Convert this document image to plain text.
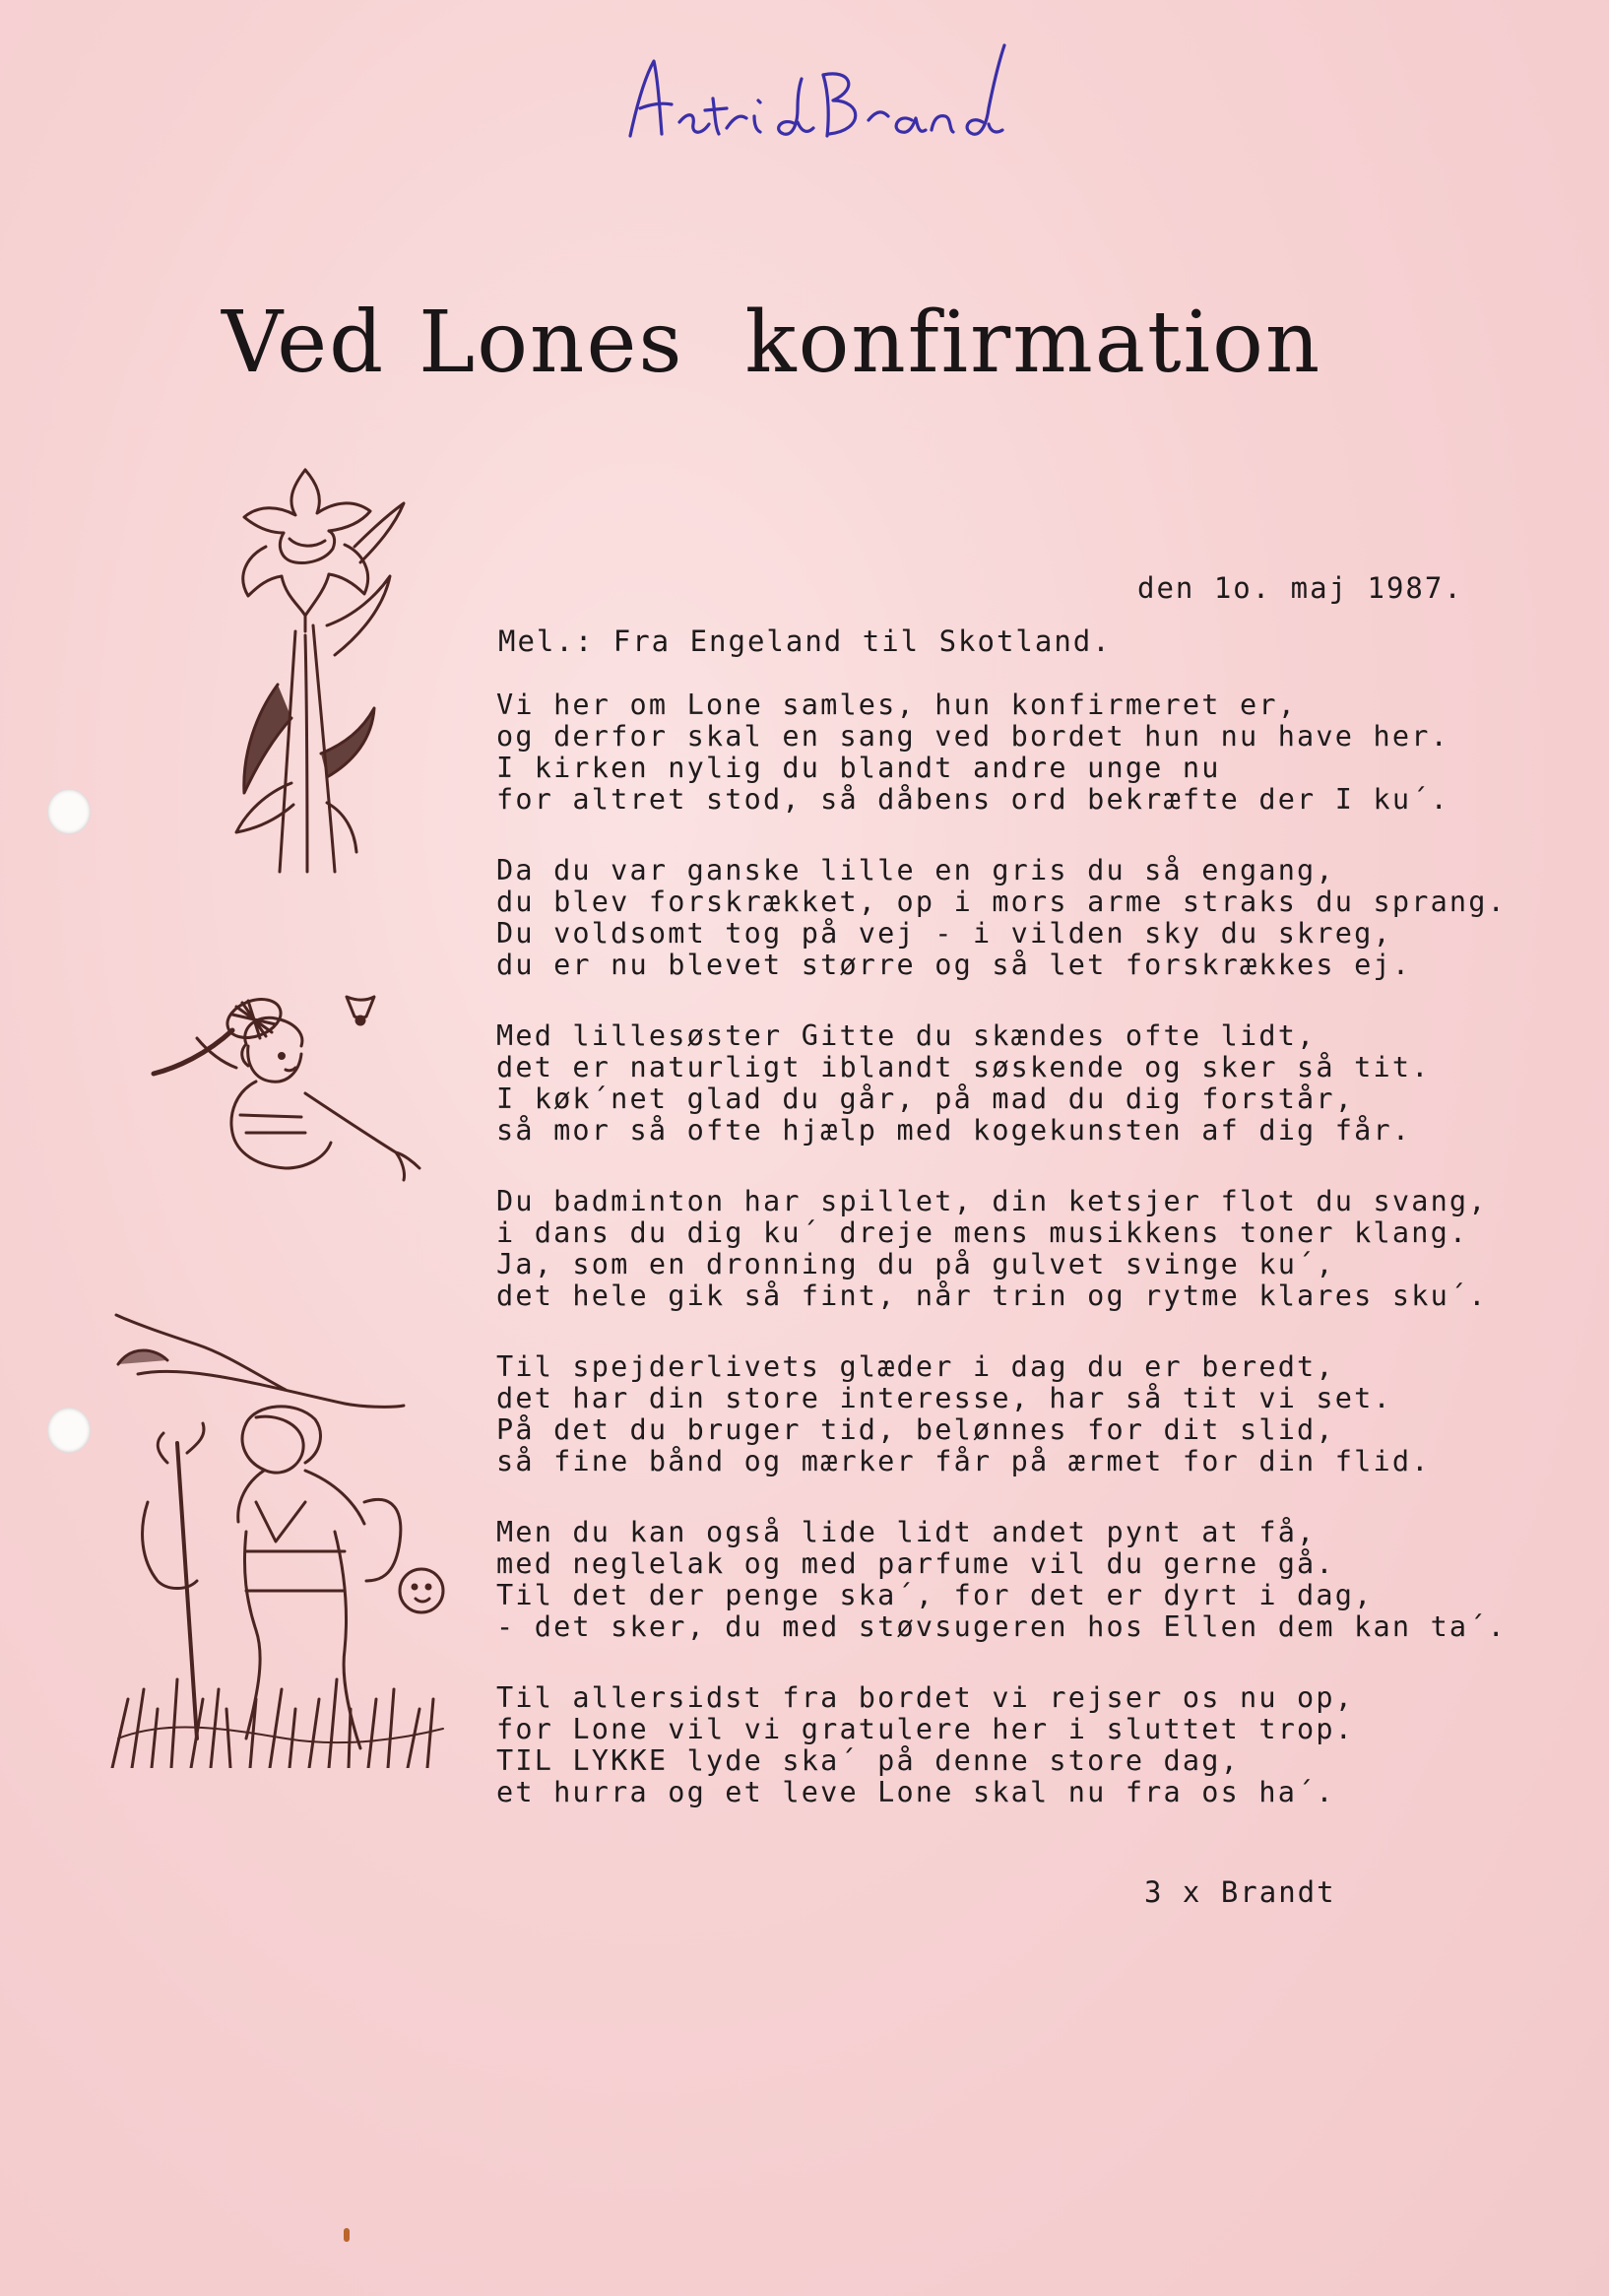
Ved Lones konfirmation
den 1o. maj 1987.
Mel.: Fra Engeland til Skotland.
Vi her om Lone samles, hun konfirmeret er,
og derfor skal en sang ved bordet hun nu have her.
I kirken nylig du blandt andre unge nu
for altret stod, så dåbens ord bekræfte der I ku´.
Da du var ganske lille en gris du så engang,
du blev forskrækket, op i mors arme straks du sprang.
Du voldsomt tog på vej - i vilden sky du skreg,
du er nu blevet større og så let forskrækkes ej.
Med lillesøster Gitte du skændes ofte lidt,
det er naturligt iblandt søskende og sker så tit.
I køk´net glad du går, på mad du dig forstår,
så mor så ofte hjælp med kogekunsten af dig får.
Du badminton har spillet, din ketsjer flot du svang,
i dans du dig ku´ dreje mens musikkens toner klang.
Ja, som en dronning du på gulvet svinge ku´,
det hele gik så fint, når trin og rytme klares sku´.
Til spejderlivets glæder i dag du er beredt,
det har din store interesse, har så tit vi set.
På det du bruger tid, belønnes for dit slid,
så fine bånd og mærker får på ærmet for din flid.
Men du kan også lide lidt andet pynt at få,
med neglelak og med parfume vil du gerne gå.
Til det der penge ska´, for det er dyrt i dag,
- det sker, du med støvsugeren hos Ellen dem kan ta´.
Til allersidst fra bordet vi rejser os nu op,
for Lone vil vi gratulere her i sluttet trop.
TIL LYKKE lyde ska´ på denne store dag,
et hurra og et leve Lone skal nu fra os ha´.
3 x Brandt
